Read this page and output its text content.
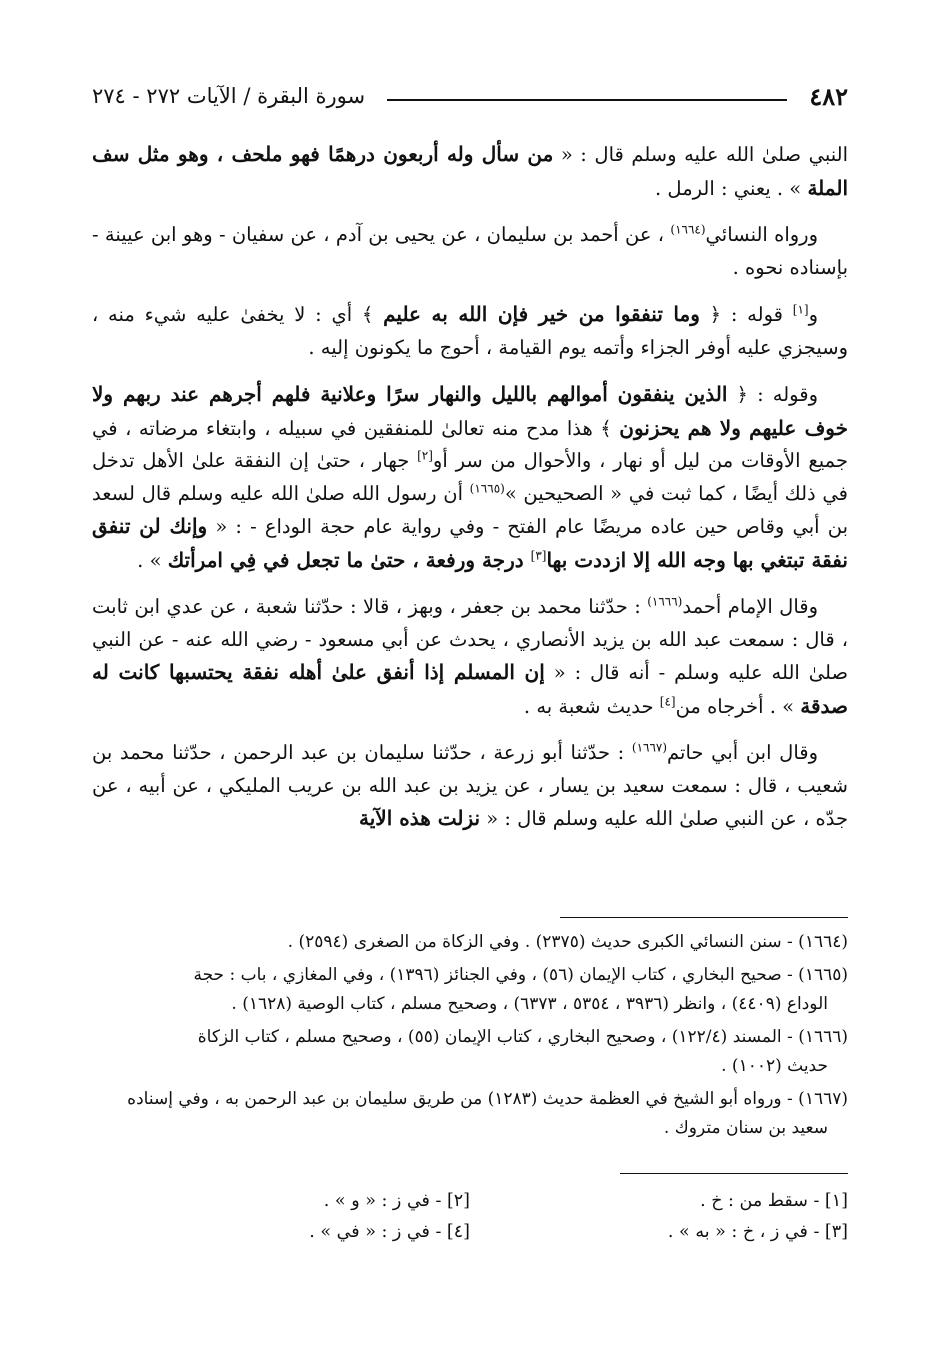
٤٨٢
سورة البقرة / الآيات ٢٧٢ - ٢٧٤

النبي صلىٰ الله عليه وسلم قال : « من سأل وله أربعون درهمًا فهو ملحف ، وهو مثل سف الملة » . يعني : الرمل .

ورواه النسائي$^{(١٦٦٤)}$ ، عن أحمد بن سليمان ، عن يحيى بن آدم ، عن سفيان - وهو ابن عيينة - بإسناده نحوه .

و[١] قوله : ﴿ وما تنفقوا من خير فإن الله به عليم ﴾ أي : لا يخفىٰ عليه شيء منه ، وسيجزي عليه أوفر الجزاء وأتمه يوم القيامة ، أحوج ما يكونون إليه .

وقوله : ﴿ الذين ينفقون أموالهم بالليل والنهار سرًا وعلانية فلهم أجرهم عند ربهم ولا خوف عليهم ولا هم يحزنون ﴾ هذا مدح منه تعالىٰ للمنفقين في سبيله ، وابتغاء مرضاته ، في جميع الأوقات من ليل أو نهار ، والأحوال من سر أو[٢] جهار ، حتىٰ إن النفقة علىٰ الأهل تدخل في ذلك أيضًا ، كما ثبت في « الصحيحين »$^{(١٦٦٥)}$ أن رسول الله صلىٰ الله عليه وسلم قال لسعد بن أبي وقاص حين عاده مريضًا عام الفتح - وفي رواية عام حجة الوداع - : « وإنك لن تنفق نفقة تبتغي بها وجه الله إلا ازددت بها[٣] درجة ورفعة ، حتىٰ ما تجعل في فِي امرأتك » .

وقال الإمام أحمد$^{(١٦٦٦)}$ : حدّثنا محمد بن جعفر ، وبهز ، قالا : حدّثنا شعبة ، عن عدي ابن ثابت ، قال : سمعت عبد الله بن يزيد الأنصاري ، يحدث عن أبي مسعود - رضي الله عنه - عن النبي صلىٰ الله عليه وسلم - أنه قال : « إن المسلم إذا أنفق علىٰ أهله نفقة يحتسبها كانت له صدقة » . أخرجاه من[٤] حديث شعبة به .

وقال ابن أبي حاتم$^{(١٦٦٧)}$ : حدّثنا أبو زرعة ، حدّثنا سليمان بن عبد الرحمن ، حدّثنا محمد بن شعيب ، قال : سمعت سعيد بن يسار ، عن يزيد بن عبد الله بن عريب المليكي ، عن أبيه ، عن جدّه ، عن النبي صلىٰ الله عليه وسلم قال : « نزلت هذه الآية

(١٦٦٤) - سنن النسائي الكبرى حديث (٢٣٧٥) . وفي الزكاة من الصغرى (٢٥٩٤) .
(١٦٦٥) - صحيح البخاري ، كتاب الإيمان (٥٦) ، وفي الجنائز (١٣٩٦) ، وفي المغازي ، باب : حجة
الوداع (٤٤٠٩) ، وانظر (٣٩٣٦ ، ٥٣٥٤ ، ٦٣٧٣) ، وصحيح مسلم ، كتاب الوصية (١٦٢٨) .
(١٦٦٦) - المسند (١٢٢/٤) ، وصحيح البخاري ، كتاب الإيمان (٥٥) ، وصحيح مسلم ، كتاب الزكاة
حديث (١٠٠٢) .
(١٦٦٧) - ورواه أبو الشيخ في العظمة حديث (١٢٨٣) من طريق سليمان بن عبد الرحمن به ، وفي إسناده
سعيد بن سنان متروك .
[١] - سقط من : خ .
[٢] - في ز : « و » .
[٣] - في ز ، خ : « به » .
[٤] - في ز : « في » .
